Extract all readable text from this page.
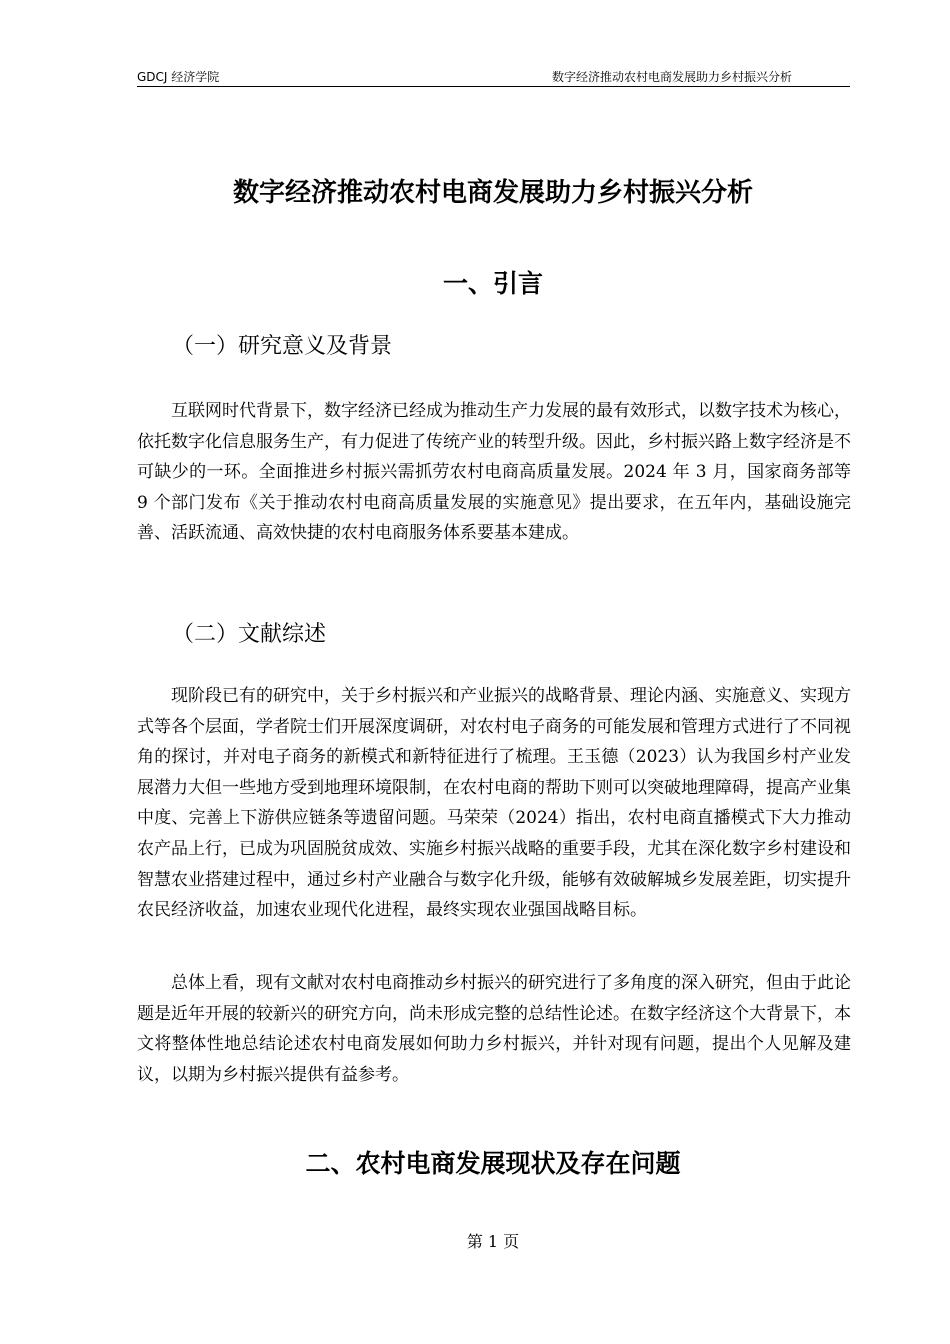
GDCJ 经济学院	数字经济推动农村电商发展助力乡村振兴分析
数字经济推动农村电商发展助力乡村振兴分析
一、引言
（一）研究意义及背景

互联网时代背景下，数字经济已经成为推动生产力发展的最有效形式，以数字技术为核心，依托数字化信息服务生产，有力促进了传统产业的转型升级。因此，乡村振兴路上数字经济是不可缺少的一环。全面推进乡村振兴需抓劳农村电商高质量发展。2024 年 3 月，国家商务部等 9 个部门发布《关于推动农村电商高质量发展的实施意见》提出要求，在五年内，基础设施完善、活跃流通、高效快捷的农村电商服务体系要基本建成。

（二）文献综述

现阶段已有的研究中，关于乡村振兴和产业振兴的战略背景、理论内涵、实施意义、实现方式等各个层面，学者院士们开展深度调研，对农村电子商务的可能发展和管理方式进行了不同视角的探讨，并对电子商务的新模式和新特征进行了梳理。王玉德（2023）认为我国乡村产业发展潜力大但一些地方受到地理环境限制，在农村电商的帮助下则可以突破地理障碍，提高产业集中度、完善上下游供应链条等遗留问题。马荣荣（2024）指出，农村电商直播模式下大力推动农产品上行，已成为巩固脱贫成效、实施乡村振兴战略的重要手段，尤其在深化数字乡村建设和智慧农业搭建过程中，通过乡村产业融合与数字化升级，能够有效破解城乡发展差距，切实提升农民经济收益，加速农业现代化进程，最终实现农业强国战略目标。

总体上看，现有文献对农村电商推动乡村振兴的研究进行了多角度的深入研究，但由于此论题是近年开展的较新兴的研究方向，尚未形成完整的总结性论述。在数字经济这个大背景下，本文将整体性地总结论述农村电商发展如何助力乡村振兴，并针对现有问题，提出个人见解及建议，以期为乡村振兴提供有益参考。

二、农村电商发展现状及存在问题
第 1 页
